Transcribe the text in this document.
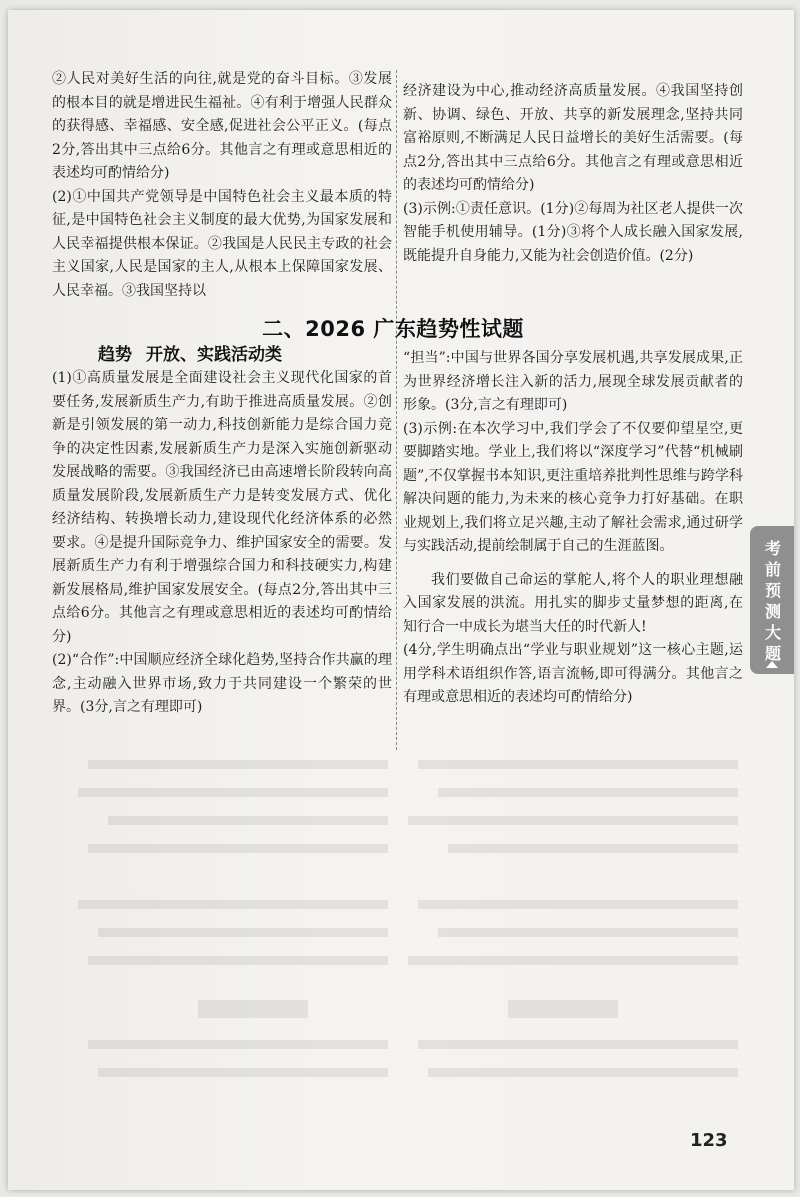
②人民对美好生活的向往,就是党的奋斗目标。③发展的根本目的就是增进民生福祉。④有利于增强人民群众的获得感、幸福感、安全感,促进社会公平正义。(每点2分,答出其中三点给6分。其他言之有理或意思相近的表述均可酌情给分)

(2)①中国共产党领导是中国特色社会主义最本质的特征,是中国特色社会主义制度的最大优势,为国家发展和人民幸福提供根本保证。②我国是人民民主专政的社会主义国家,人民是国家的主人,从根本上保障国家发展、人民幸福。③我国坚持以

经济建设为中心,推动经济高质量发展。④我国坚持创新、协调、绿色、开放、共享的新发展理念,坚持共同富裕原则,不断满足人民日益增长的美好生活需要。(每点2分,答出其中三点给6分。其他言之有理或意思相近的表述均可酌情给分)

(3)示例:①责任意识。(1分)②每周为社区老人提供一次智能手机使用辅导。(1分)③将个人成长融入国家发展,既能提升自身能力,又能为社会创造价值。(2分)

二、2026 广东趋势性试题
趋势 开放、实践活动类

(1)①高质量发展是全面建设社会主义现代化国家的首要任务,发展新质生产力,有助于推进高质量发展。②创新是引领发展的第一动力,科技创新能力是综合国力竞争的决定性因素,发展新质生产力是深入实施创新驱动发展战略的需要。③我国经济已由高速增长阶段转向高质量发展阶段,发展新质生产力是转变发展方式、优化经济结构、转换增长动力,建设现代化经济体系的必然要求。④是提升国际竞争力、维护国家安全的需要。发展新质生产力有利于增强综合国力和科技硬实力,构建新发展格局,维护国家发展安全。(每点2分,答出其中三点给6分。其他言之有理或意思相近的表述均可酌情给分)

(2)“合作”:中国顺应经济全球化趋势,坚持合作共赢的理念,主动融入世界市场,致力于共同建设一个繁荣的世界。(3分,言之有理即可)

“担当”:中国与世界各国分享发展机遇,共享发展成果,正为世界经济增长注入新的活力,展现全球发展贡献者的形象。(3分,言之有理即可)

(3)示例:在本次学习中,我们学会了不仅要仰望星空,更要脚踏实地。学业上,我们将以“深度学习”代替“机械刷题”,不仅掌握书本知识,更注重培养批判性思维与跨学科解决问题的能力,为未来的核心竞争力打好基础。在职业规划上,我们将立足兴趣,主动了解社会需求,通过研学与实践活动,提前绘制属于自己的生涯蓝图。

我们要做自己命运的掌舵人,将个人的职业理想融入国家发展的洪流。用扎实的脚步丈量梦想的距离,在知行合一中成长为堪当大任的时代新人!

(4分,学生明确点出“学业与职业规划”这一核心主题,运用学科术语组织作答,语言流畅,即可得满分。其他言之有理或意思相近的表述均可酌情给分)

考前预测大题
123
